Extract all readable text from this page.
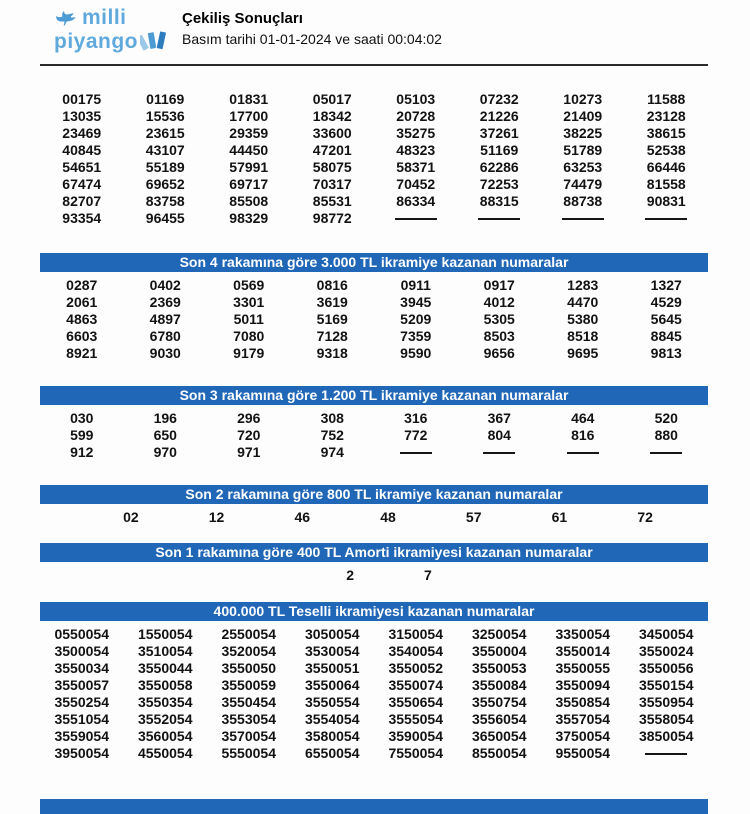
milli
piyango
Çekiliş Sonuçları
Basım tarihi 01-01-2024 ve saati 00:04:02
00175	01169	01831	05017	05103	07232	10273	11588
13035	15536	17700	18342	20728	21226	21409	23128
23469	23615	29359	33600	35275	37261	38225	38615
40845	43107	44450	47201	48323	51169	51789	52538
54651	55189	57991	58075	58371	62286	63253	66446
67474	69652	69717	70317	70452	72253	74479	81558
82707	83758	85508	85531	86334	88315	88738	90831
93354	96455	98329	98772
Son 4 rakamına göre 3.000 TL ikramiye kazanan numaralar
0287	0402	0569	0816	0911	0917	1283	1327
2061	2369	3301	3619	3945	4012	4470	4529
4863	4897	5011	5169	5209	5305	5380	5645
6603	6780	7080	7128	7359	8503	8518	8845
8921	9030	9179	9318	9590	9656	9695	9813
Son 3 rakamına göre 1.200 TL ikramiye kazanan numaralar
030	196	296	308	316	367	464	520
599	650	720	752	772	804	816	880
912	970	971	974
Son 2 rakamına göre 800 TL ikramiye kazanan numaralar
02	12	46	48	57	61	72
Son 1 rakamına göre 400 TL Amorti ikramiyesi kazanan numaralar
2	7
400.000 TL Teselli ikramiyesi kazanan numaralar
0550054	1550054	2550054	3050054	3150054	3250054	3350054	3450054
3500054	3510054	3520054	3530054	3540054	3550004	3550014	3550024
3550034	3550044	3550050	3550051	3550052	3550053	3550055	3550056
3550057	3550058	3550059	3550064	3550074	3550084	3550094	3550154
3550254	3550354	3550454	3550554	3550654	3550754	3550854	3550954
3551054	3552054	3553054	3554054	3555054	3556054	3557054	3558054
3559054	3560054	3570054	3580054	3590054	3650054	3750054	3850054
3950054	4550054	5550054	6550054	7550054	8550054	9550054
